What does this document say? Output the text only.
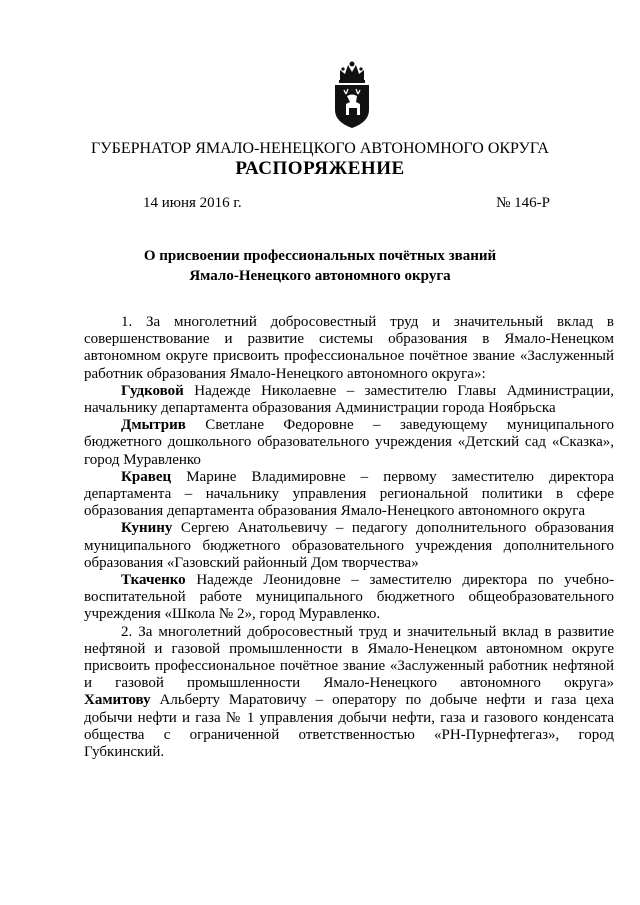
ГУБЕРНАТОР ЯМАЛО-НЕНЕЦКОГО АВТОНОМНОГО ОКРУГА
РАСПОРЯЖЕНИЕ
14 июня 2016 г.	№ 146-Р
О присвоении профессиональных почётных званий
Ямало-Ненецкого автономного округа

1. За многолетний добросовестный труд и значительный вклад в совершенствование и развитие системы образования в Ямало-Ненецком автономном округе присвоить профессиональное почётное звание «Заслуженный работник образования Ямало-Ненецкого автономного округа»:

Гудковой Надежде Николаевне – заместителю Главы Администрации, начальнику департамента образования Администрации города Ноябрьска

Дмытрив Светлане Федоровне – заведующему муниципального бюджетного дошкольного образовательного учреждения «Детский сад «Сказка», город Муравленко

Кравец Марине Владимировне – первому заместителю директора департамента – начальнику управления региональной политики в сфере образования департамента образования Ямало-Ненецкого автономного округа

Кунину Сергею Анатольевичу – педагогу дополнительного образования муниципального бюджетного образовательного учреждения дополнительного образования «Газовский районный Дом творчества»

Ткаченко Надежде Леонидовне – заместителю директора по учебно-воспитательной работе муниципального бюджетного общеобразовательного учреждения «Школа № 2», город Муравленко.

2. За многолетний добросовестный труд и значительный вклад в развитие нефтяной и газовой промышленности в Ямало-Ненецком автономном округе присвоить профессиональное почётное звание «Заслуженный работник нефтяной и газовой промышленности Ямало-Ненецкого автономного округа»

Хамитову Альберту Маратовичу – оператору по добыче нефти и газа цеха добычи нефти и газа № 1 управления добычи нефти, газа и газового конденсата общества с ограниченной ответственностью «РН-Пурнефтегаз», город Губкинский.
